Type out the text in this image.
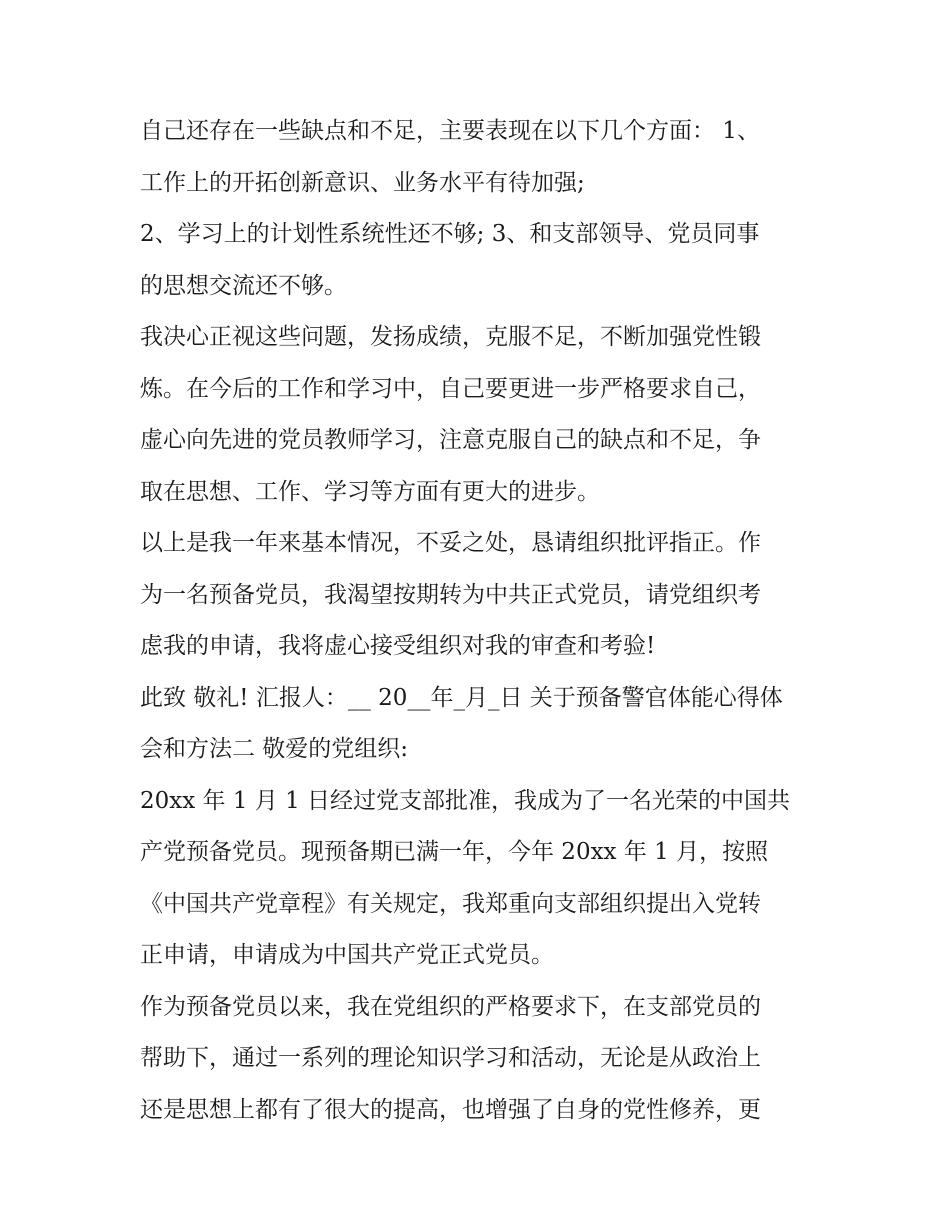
自己还存在一些缺点和不足，主要表现在以下几个方面： 1、
工作上的开拓创新意识、业务水平有待加强;
2、学习上的计划性系统性还不够; 3、和支部领导、党员同事
的思想交流还不够。
我决心正视这些问题，发扬成绩，克服不足，不断加强党性锻
炼。在今后的工作和学习中，自己要更进一步严格要求自己，
虚心向先进的党员教师学习，注意克服自己的缺点和不足，争
取在思想、工作、学习等方面有更大的进步。
以上是我一年来基本情况，不妥之处，恳请组织批评指正。作
为一名预备党员，我渴望按期转为中共正式党员，请党组织考
虑我的申请，我将虚心接受组织对我的审查和考验!
此致 敬礼! 汇报人：__ 20__年_月_日 关于预备警官体能心得体
会和方法二 敬爱的党组织:
20xx 年 1 月 1 日经过党支部批准，我成为了一名光荣的中国共
产党预备党员。现预备期已满一年，今年 20xx 年 1 月，按照
《中国共产党章程》有关规定，我郑重向支部组织提出入党转
正申请，申请成为中国共产党正式党员。
作为预备党员以来，我在党组织的严格要求下，在支部党员的
帮助下，通过一系列的理论知识学习和活动，无论是从政治上
还是思想上都有了很大的提高，也增强了自身的党性修养，更
